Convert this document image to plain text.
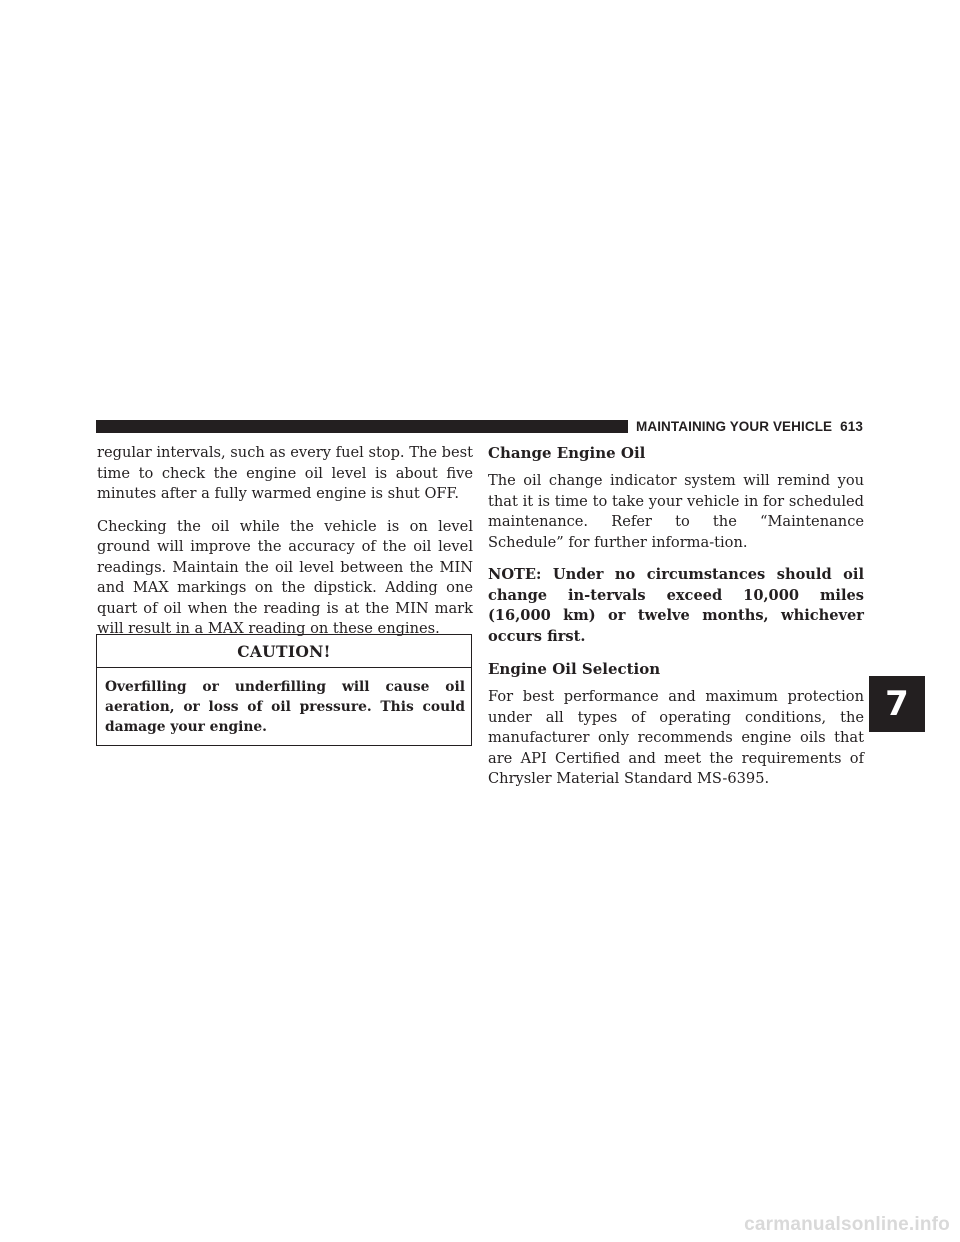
MAINTAINING YOUR VEHICLE 613

regular intervals, such as every fuel stop. The best time to check the engine oil level is about five minutes after a fully warmed engine is shut OFF.

Checking the oil while the vehicle is on level ground will improve the accuracy of the oil level readings. Maintain the oil level between the MIN and MAX markings on the dipstick. Adding one quart of oil when the reading is at the MIN mark will result in a MAX reading on these engines.

CAUTION!
Overfilling or underfilling will cause oil aeration, or loss of oil pressure. This could damage your engine.
Change Engine Oil

The oil change indicator system will remind you that it is time to take your vehicle in for scheduled maintenance. Refer to the “Maintenance Schedule” for further informa-tion.

NOTE: Under no circumstances should oil change in-tervals exceed 10,000 miles (16,000 km) or twelve months, whichever occurs first.

Engine Oil Selection

For best performance and maximum protection under all types of operating conditions, the manufacturer only recommends engine oils that are API Certified and meet the requirements of Chrysler Material Standard MS-6395.

7
carmanualsonline.info
